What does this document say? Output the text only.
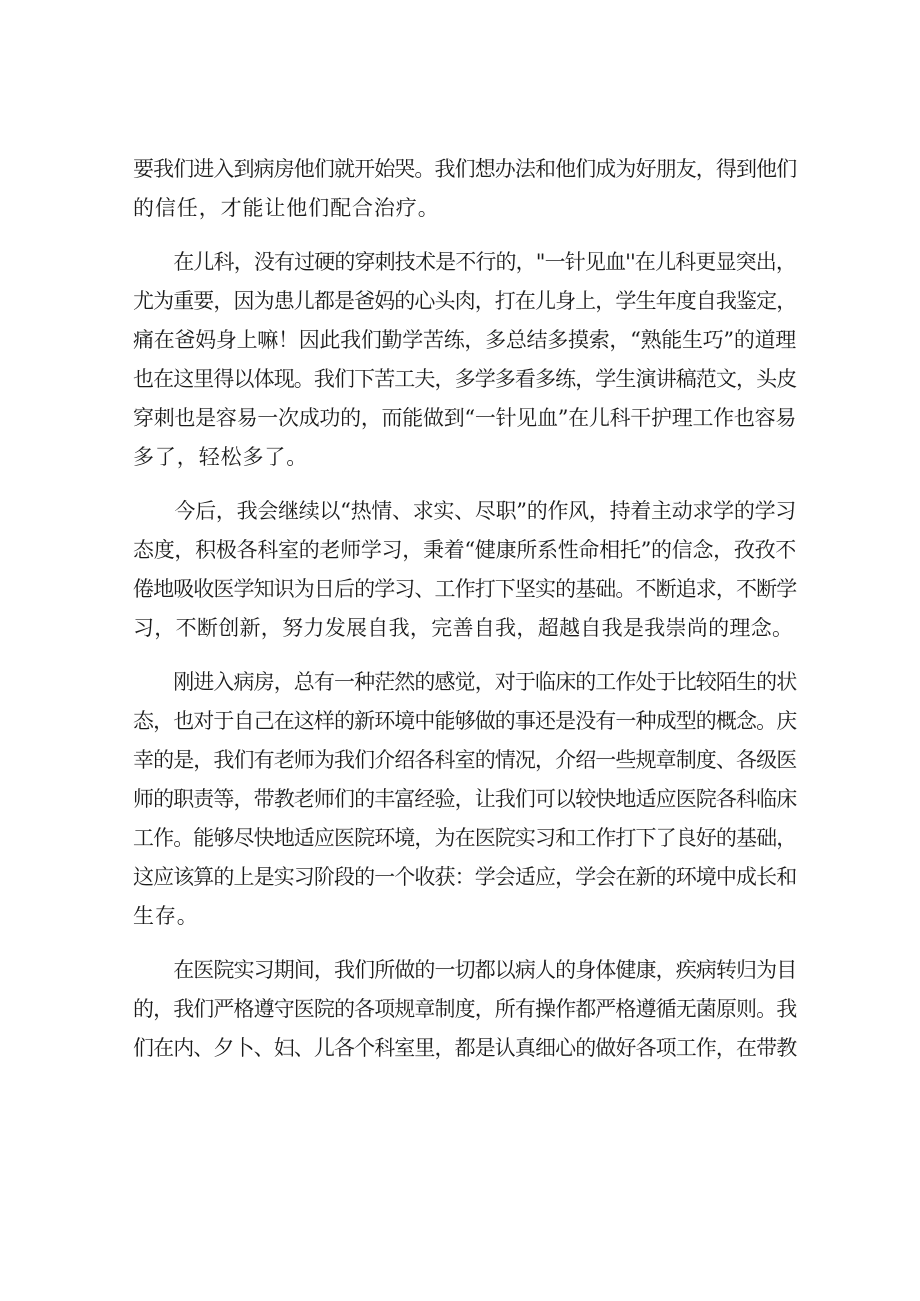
要我们进入到病房他们就开始哭。我们想办法和他们成为好朋友，得到他们
的信任，才能让他们配合治疗。
　　在儿科，没有过硬的穿刺技术是不行的，"一针见血''在儿科更显突出，
尤为重要，因为患儿都是爸妈的心头肉，打在儿身上，学生年度自我鉴定，
痛在爸妈身上嘛！因此我们勤学苦练，多总结多摸索，“熟能生巧”的道理
也在这里得以体现。我们下苦工夫，多学多看多练，学生演讲稿范文，头皮
穿刺也是容易一次成功的，而能做到“一针见血”在儿科干护理工作也容易
多了，轻松多了。
　　今后，我会继续以“热情、求实、尽职”的作风，持着主动求学的学习
态度，积极各科室的老师学习，秉着“健康所系性命相托”的信念，孜孜不
倦地吸收医学知识为日后的学习、工作打下坚实的基础。不断追求，不断学
习，不断创新，努力发展自我，完善自我，超越自我是我崇尚的理念。
　　刚进入病房，总有一种茫然的感觉，对于临床的工作处于比较陌生的状
态，也对于自己在这样的新环境中能够做的事还是没有一种成型的概念。庆
幸的是，我们有老师为我们介绍各科室的情况，介绍一些规章制度、各级医
师的职责等，带教老师们的丰富经验，让我们可以较快地适应医院各科临床
工作。能够尽快地适应医院环境，为在医院实习和工作打下了良好的基础，
这应该算的上是实习阶段的一个收获：学会适应，学会在新的环境中成长和
生存。
　　在医院实习期间，我们所做的一切都以病人的身体健康，疾病转归为目
的，我们严格遵守医院的各项规章制度，所有操作都严格遵循无菌原则。我
们在内、夕卜、妇、儿各个科室里，都是认真细心的做好各项工作，在带教
